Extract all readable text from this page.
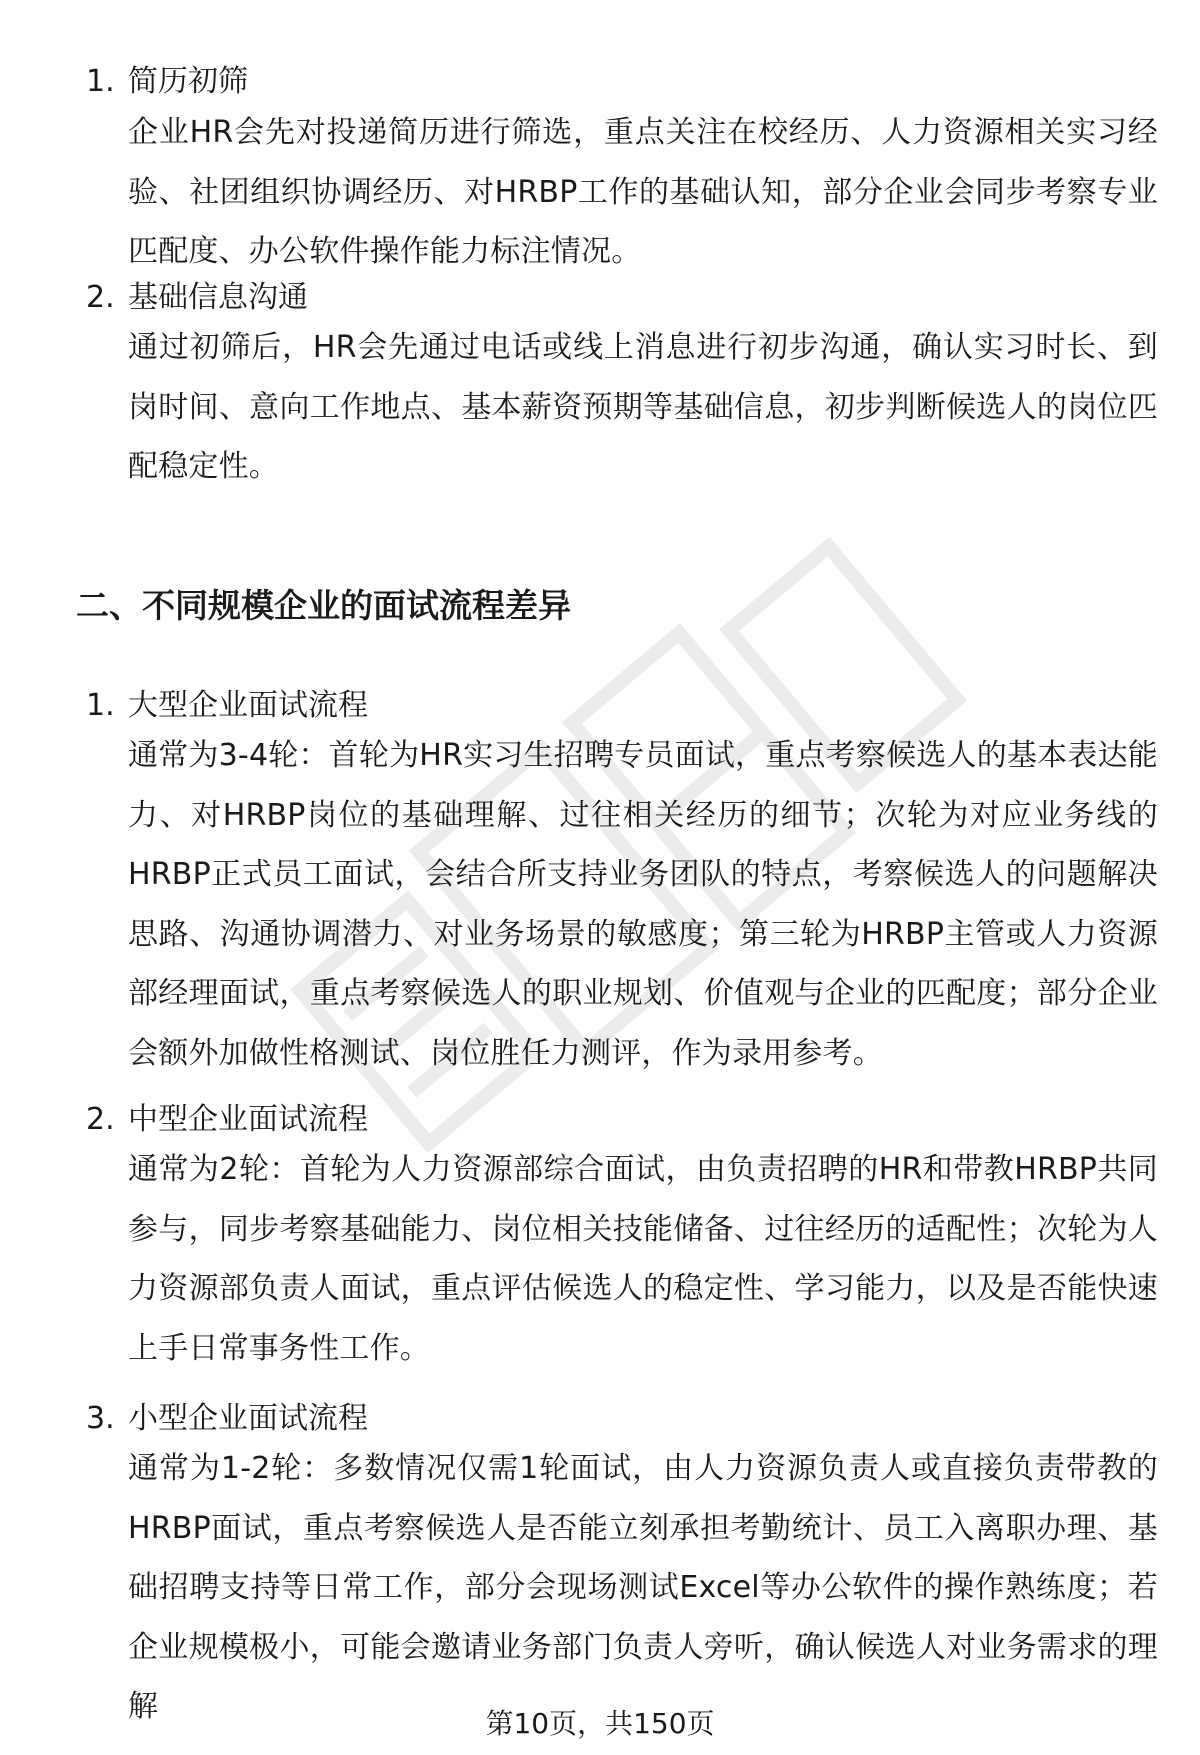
1. 简历初筛
企业HR会先对投递简历进行筛选，重点关注在校经历、人力资源相关实习经验、社团组织协调经历、对HRBP工作的基础认知，部分企业会同步考察专业匹配度、办公软件操作能力标注情况。
2. 基础信息沟通
通过初筛后，HR会先通过电话或线上消息进行初步沟通，确认实习时长、到岗时间、意向工作地点、基本薪资预期等基础信息，初步判断候选人的岗位匹配稳定性。
二、不同规模企业的面试流程差异
1. 大型企业面试流程
通常为3-4轮：首轮为HR实习生招聘专员面试，重点考察候选人的基本表达能力、对HRBP岗位的基础理解、过往相关经历的细节；次轮为对应业务线的HRBP正式员工面试，会结合所支持业务团队的特点，考察候选人的问题解决思路、沟通协调潜力、对业务场景的敏感度；第三轮为HRBP主管或人力资源部经理面试，重点考察候选人的职业规划、价值观与企业的匹配度；部分企业会额外加做性格测试、岗位胜任力测评，作为录用参考。
2. 中型企业面试流程
通常为2轮：首轮为人力资源部综合面试，由负责招聘的HR和带教HRBP共同参与，同步考察基础能力、岗位相关技能储备、过往经历的适配性；次轮为人力资源部负责人面试，重点评估候选人的稳定性、学习能力，以及是否能快速上手日常事务性工作。
3. 小型企业面试流程
通常为1-2轮：多数情况仅需1轮面试，由人力资源负责人或直接负责带教的HRBP面试，重点考察候选人是否能立刻承担考勤统计、员工入离职办理、基础招聘支持等日常工作，部分会现场测试Excel等办公软件的操作熟练度；若企业规模极小，可能会邀请业务部门负责人旁听，确认候选人对业务需求的理解	第10页，共150页
